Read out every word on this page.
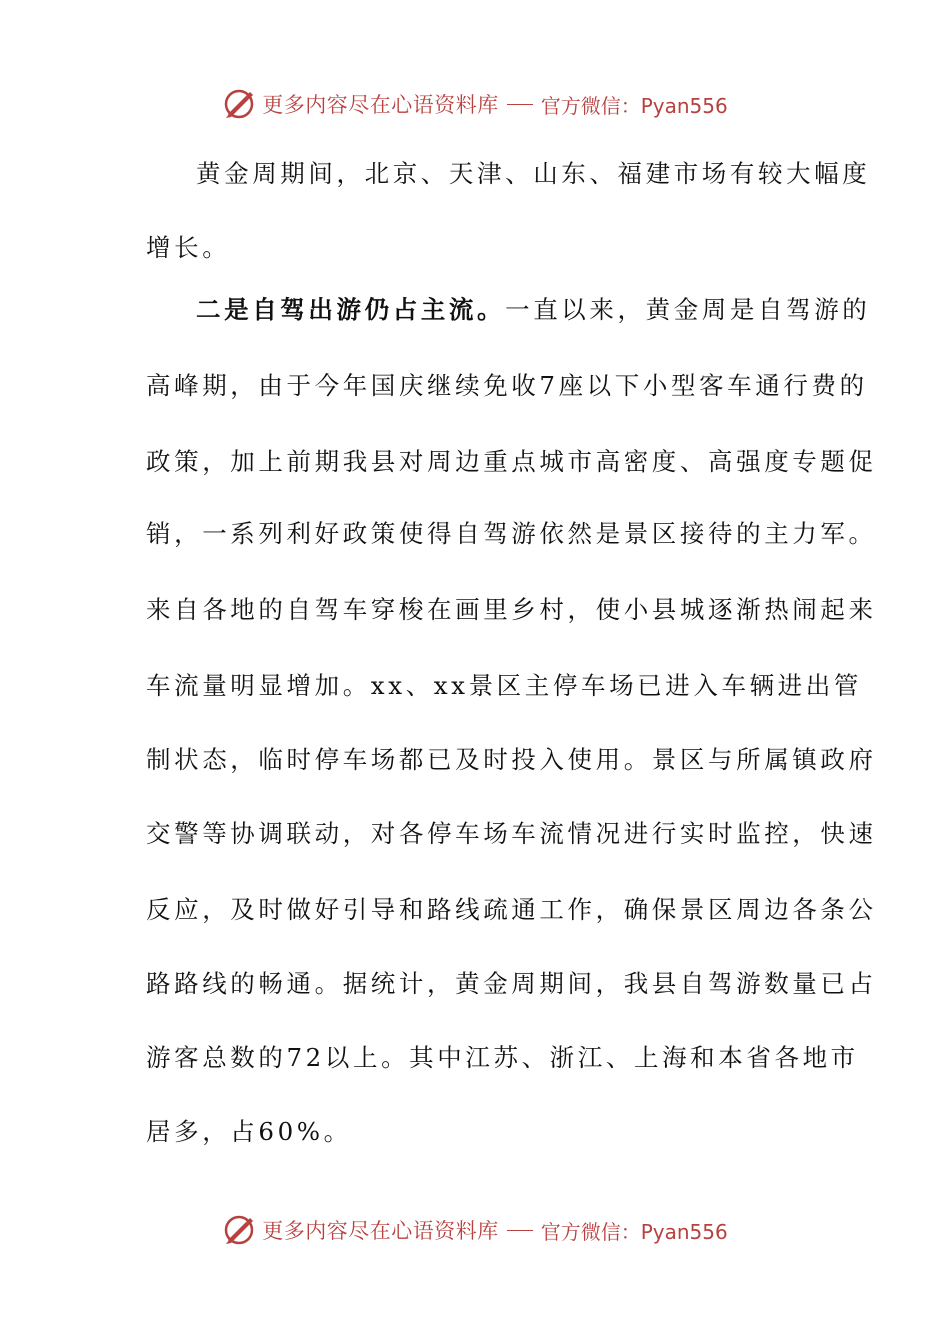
更多内容尽在心语资料库 官方微信：Pyan556
黄金周期间，北京、天津、山东、福建市场有较大幅度
增长。
二是自驾出游仍占主流。一直以来，黄金周是自驾游的
高峰期，由于今年国庆继续免收7座以下小型客车通行费的
政策，加上前期我县对周边重点城市高密度、高强度专题促
销，一系列利好政策使得自驾游依然是景区接待的主力军。
来自各地的自驾车穿梭在画里乡村，使小县城逐渐热闹起来
车流量明显增加。xx、xx景区主停车场已进入车辆进出管
制状态，临时停车场都已及时投入使用。景区与所属镇政府
交警等协调联动，对各停车场车流情况进行实时监控，快速
反应，及时做好引导和路线疏通工作，确保景区周边各条公
路路线的畅通。据统计，黄金周期间，我县自驾游数量已占
游客总数的72以上。其中江苏、浙江、上海和本省各地市
居多，占60%。
更多内容尽在心语资料库 官方微信：Pyan556
